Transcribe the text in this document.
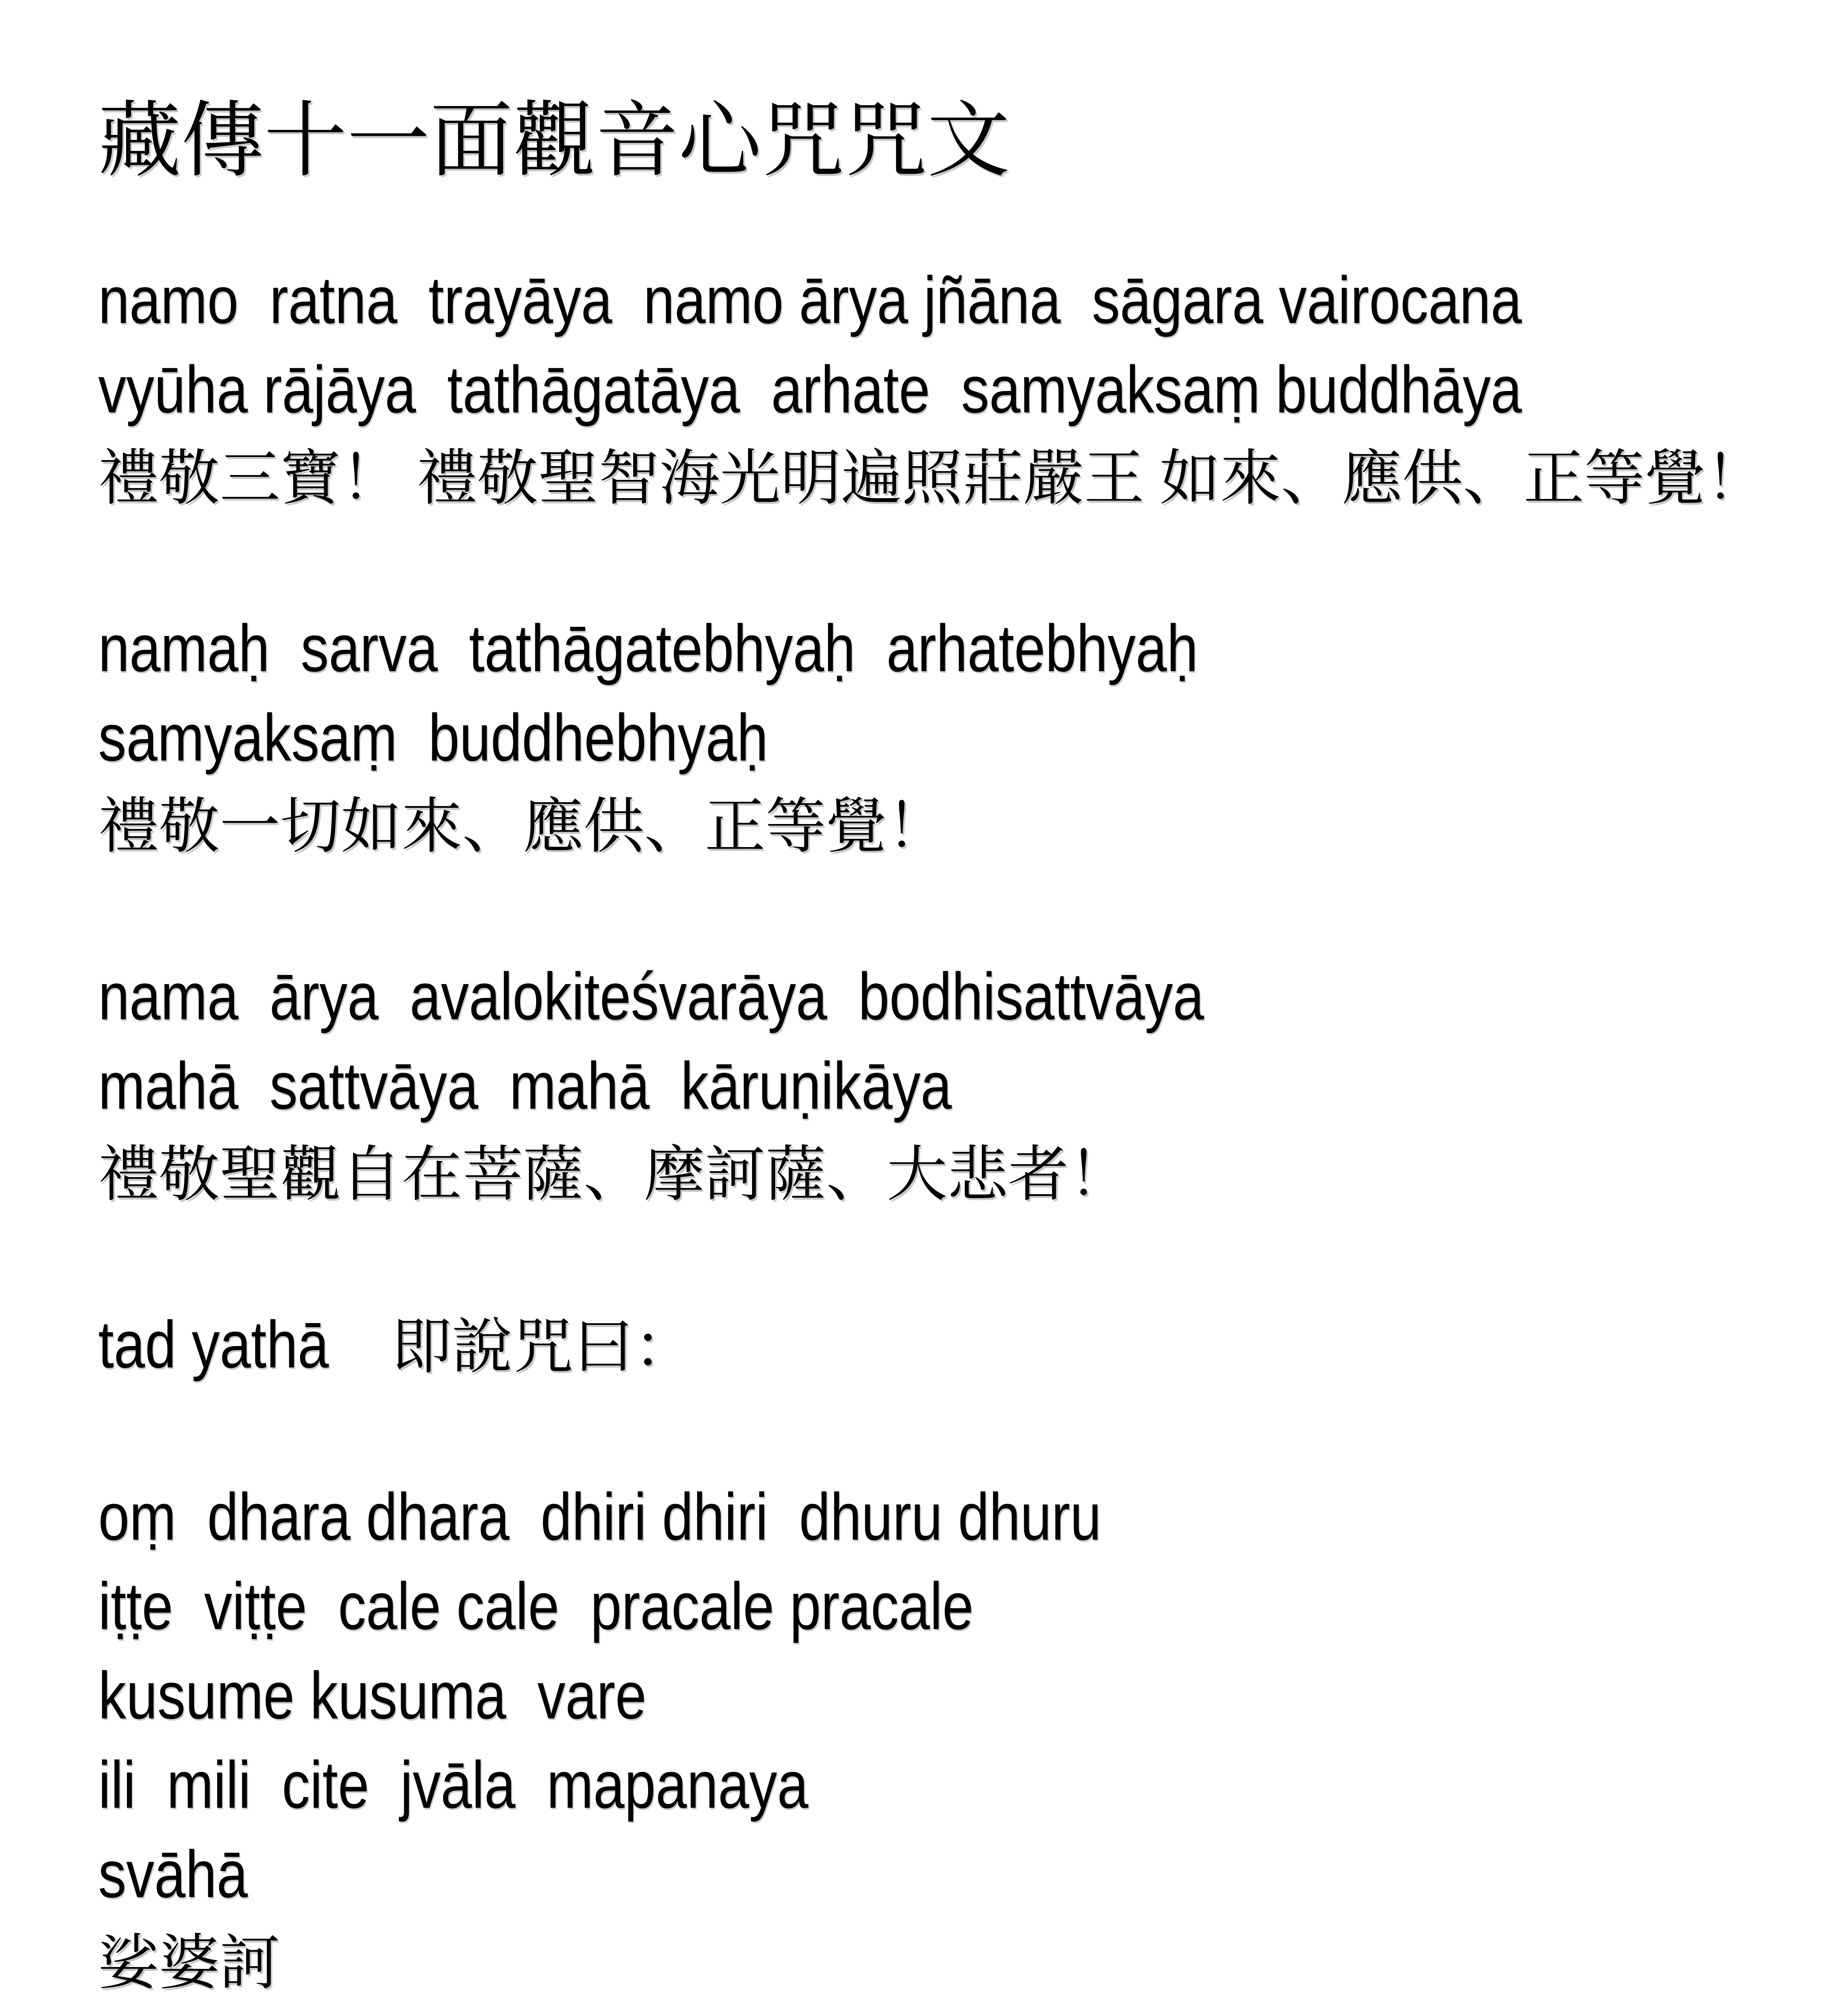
藏傳十一面觀音心咒咒文
namo  ratna  trayāya  namo ārya jñāna  sāgara vairocana
vyūha rājāya  tathāgatāya  arhate  samyaksaṃ buddhāya
禮敬三寶！ 禮敬聖智海光明遍照莊嚴王 如來、應供、正等覺！
namaḥ  sarva  tathāgatebhyaḥ  arhatebhyaḥ
samyaksaṃ  buddhebhyaḥ
禮敬一切如來、應供、正等覺！
nama  ārya  avalokiteśvarāya  bodhisattvāya
mahā  sattvāya  mahā  kāruṇikāya
禮敬聖觀自在菩薩、摩訶薩、大悲者！
tad yathā 即說咒曰：
oṃ  dhara dhara  dhiri dhiri  dhuru dhuru
iṭṭe  viṭṭe  cale cale  pracale pracale
kusume kusuma  vare
ili  mili  cite  jvāla  mapanaya
svāhā
娑婆訶
